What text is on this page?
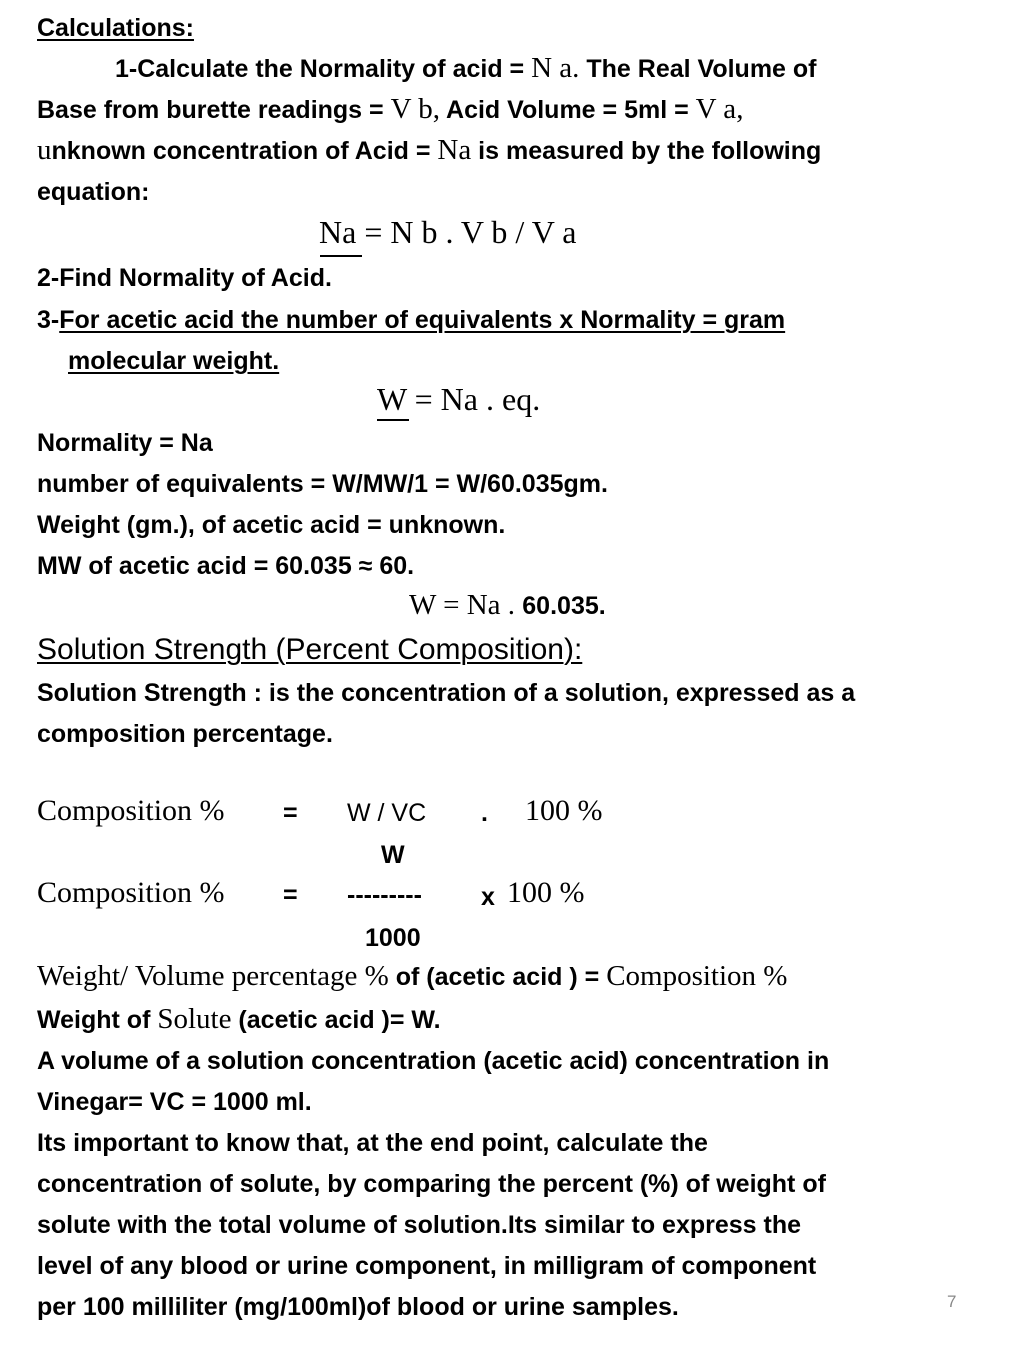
Calculations:
1-Calculate the Normality of acid = N a. The Real Volume of
Base from burette readings = V b, Acid Volume = 5ml = V a,
unknown concentration of Acid = Na is measured by the following
equation:
Na = N b . V b / V a
2-Find Normality of Acid.
3-For acetic acid the number of equivalents x Normality = gram
molecular weight.
W = Na . eq.
Normality = Na
number of equivalents = W/MW/1 = W/60.035gm.
Weight (gm.), of acetic acid = unknown.
MW of acetic acid = 60.035 ≈ 60.
W = Na . 60.035.
Solution Strength (Percent Composition):
Solution Strength : is the concentration of a solution, expressed as a
composition percentage.
Composition % = W / VC . 100 %
W
Composition % = --------- x 100 %
1000
Weight/ Volume percentage % of (acetic acid ) = Composition %
Weight of Solute (acetic acid )= W.
A volume of a solution concentration (acetic acid) concentration in
Vinegar= VC = 1000 ml.
Its important to know that, at the end point, calculate the
concentration of solute, by comparing the percent (%) of weight of
solute with the total volume of solution.Its similar to express the
level of any blood or urine component, in milligram of component
per 100 milliliter (mg/100ml)of blood or urine samples.	7
